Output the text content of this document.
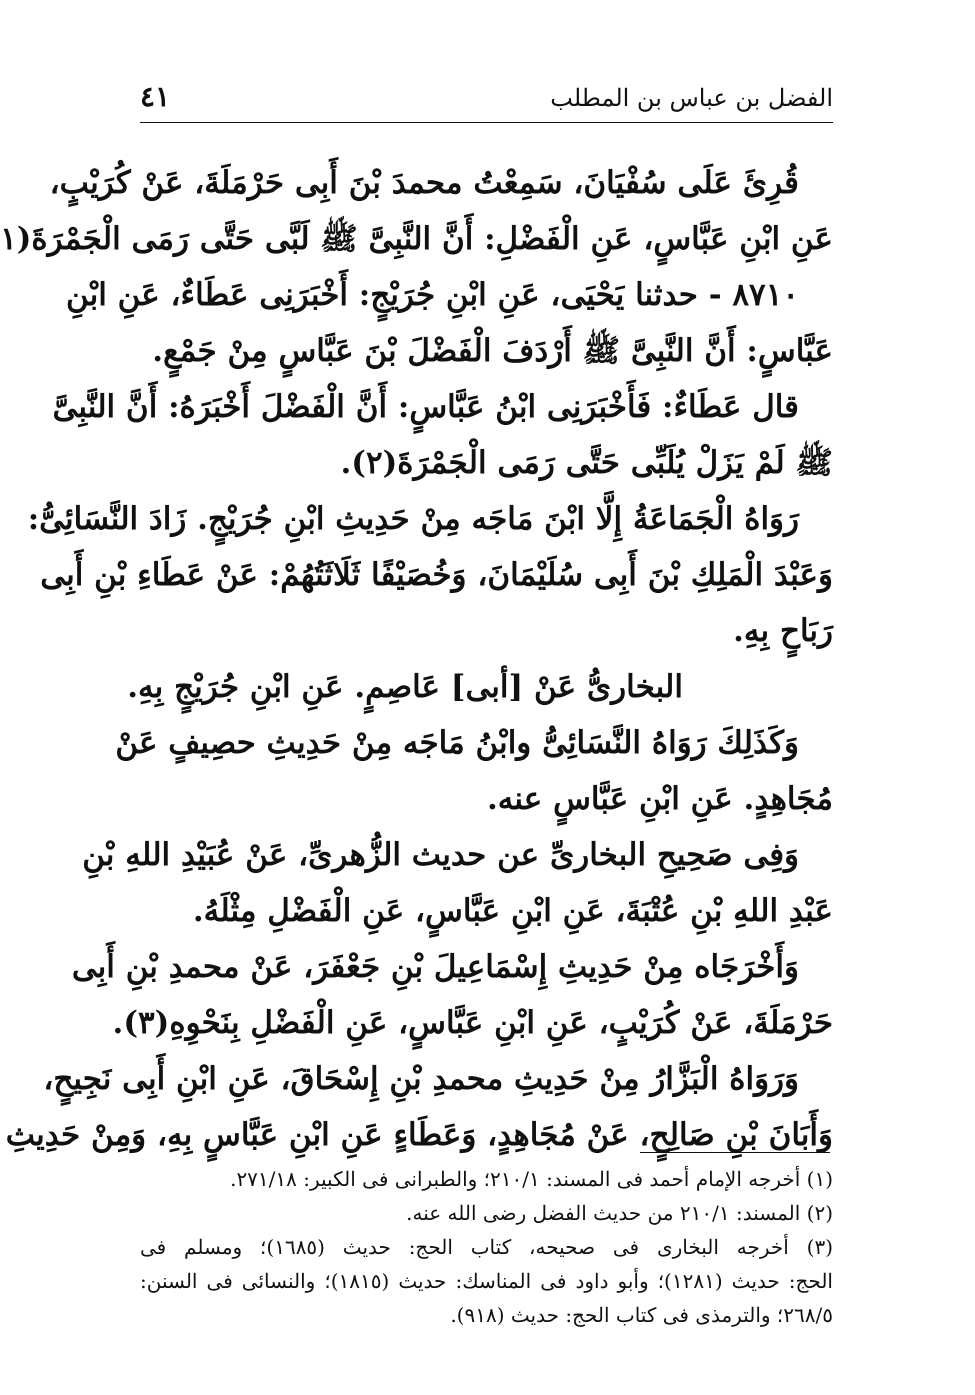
الفضل بن عباس بن المطلب
٤١
قُرِئَ عَلَى سُفْيَانَ، سَمِعْتُ محمدَ بْنَ أَبِى حَرْمَلَةَ، عَنْ كُرَيْبٍ،
عَنِ ابْنِ عَبَّاسٍ، عَنِ الْفَضْلِ: أَنَّ النَّبِىَّ ﷺ لَبَّى حَتَّى رَمَى الْجَمْرَةَ(١
٨٧١٠ - حدثنا يَحْيَى، عَنِ ابْنِ جُرَيْجٍ: أَخْبَرَنِى عَطَاءٌ، عَنِ ابْنِ
عَبَّاسٍ: أَنَّ النَّبِىَّ ﷺ أَرْدَفَ الْفَضْلَ بْنَ عَبَّاسٍ مِنْ جَمْعٍ.
قال عَطَاءٌ: فَأَخْبَرَنِى ابْنُ عَبَّاسٍ: أَنَّ الْفَضْلَ أَخْبَرَهُ: أَنَّ النَّبِىَّ
ﷺ لَمْ يَزَلْ يُلَبِّى حَتَّى رَمَى الْجَمْرَةَ(٢).
رَوَاهُ الْجَمَاعَةُ إِلَّا ابْنَ مَاجَه مِنْ حَدِيثِ ابْنِ جُرَيْجٍ. زَادَ النَّسَائِىُّ:
وَعَبْدَ الْمَلِكِ بْنَ أَبِى سُلَيْمَانَ، وَخُصَيْفًا ثَلَاثَتُهُمْ: عَنْ عَطَاءِ بْنِ أَبِى
رَبَاحٍ بِهِ.
البخارىُّ عَنْ [أبى] عَاصِمٍ. عَنِ ابْنِ جُرَيْجٍ بِهِ.
وَكَذَلِكَ رَوَاهُ النَّسَائِىُّ وابْنُ مَاجَه مِنْ حَدِيثِ حصِيفٍ عَنْ
مُجَاهِدٍ. عَنِ ابْنِ عَبَّاسٍ عنه.
وَفِى صَحِيحِ البخارىِّ عن حديث الزُّهرىِّ، عَنْ عُبَيْدِ اللهِ بْنِ
عَبْدِ اللهِ بْنِ عُتْبَةَ، عَنِ ابْنِ عَبَّاسٍ، عَنِ الْفَضْلِ مِثْلَهُ.
وَأَخْرَجَاه مِنْ حَدِيثِ إِسْمَاعِيلَ بْنِ جَعْفَرَ، عَنْ محمدِ بْنِ أَبِى
حَرْمَلَةَ، عَنْ كُرَيْبٍ، عَنِ ابْنِ عَبَّاسٍ، عَنِ الْفَضْلِ بِنَحْوِهِ(٣).
وَرَوَاهُ الْبَزَّارُ مِنْ حَدِيثِ محمدِ بْنِ إِسْحَاقَ، عَنِ ابْنِ أَبِى نَجِيحٍ،
وَأَبَانَ بْنِ صَالِحٍ، عَنْ مُجَاهِدٍ، وَعَطَاءٍ عَنِ ابْنِ عَبَّاسٍ بِهِ، وَمِنْ حَدِيثِ
(١) أخرجه الإمام أحمد فى المسند: ٢١٠/١؛ والطبرانى فى الكبير: ٢٧١/١٨.
(٢) المسند: ٢١٠/١ من حديث الفضل رضى الله عنه.
(٣) أخرجه البخارى فى صحيحه، كتاب الحج: حديث (١٦٨٥)؛ ومسلم فى
الحج: حديث (١٢٨١)؛ وأبو داود فى المناسك: حديث (١٨١٥)؛ والنسائى فى السنن:
٢٦٨/٥؛ والترمذى فى كتاب الحج: حديث (٩١٨).
